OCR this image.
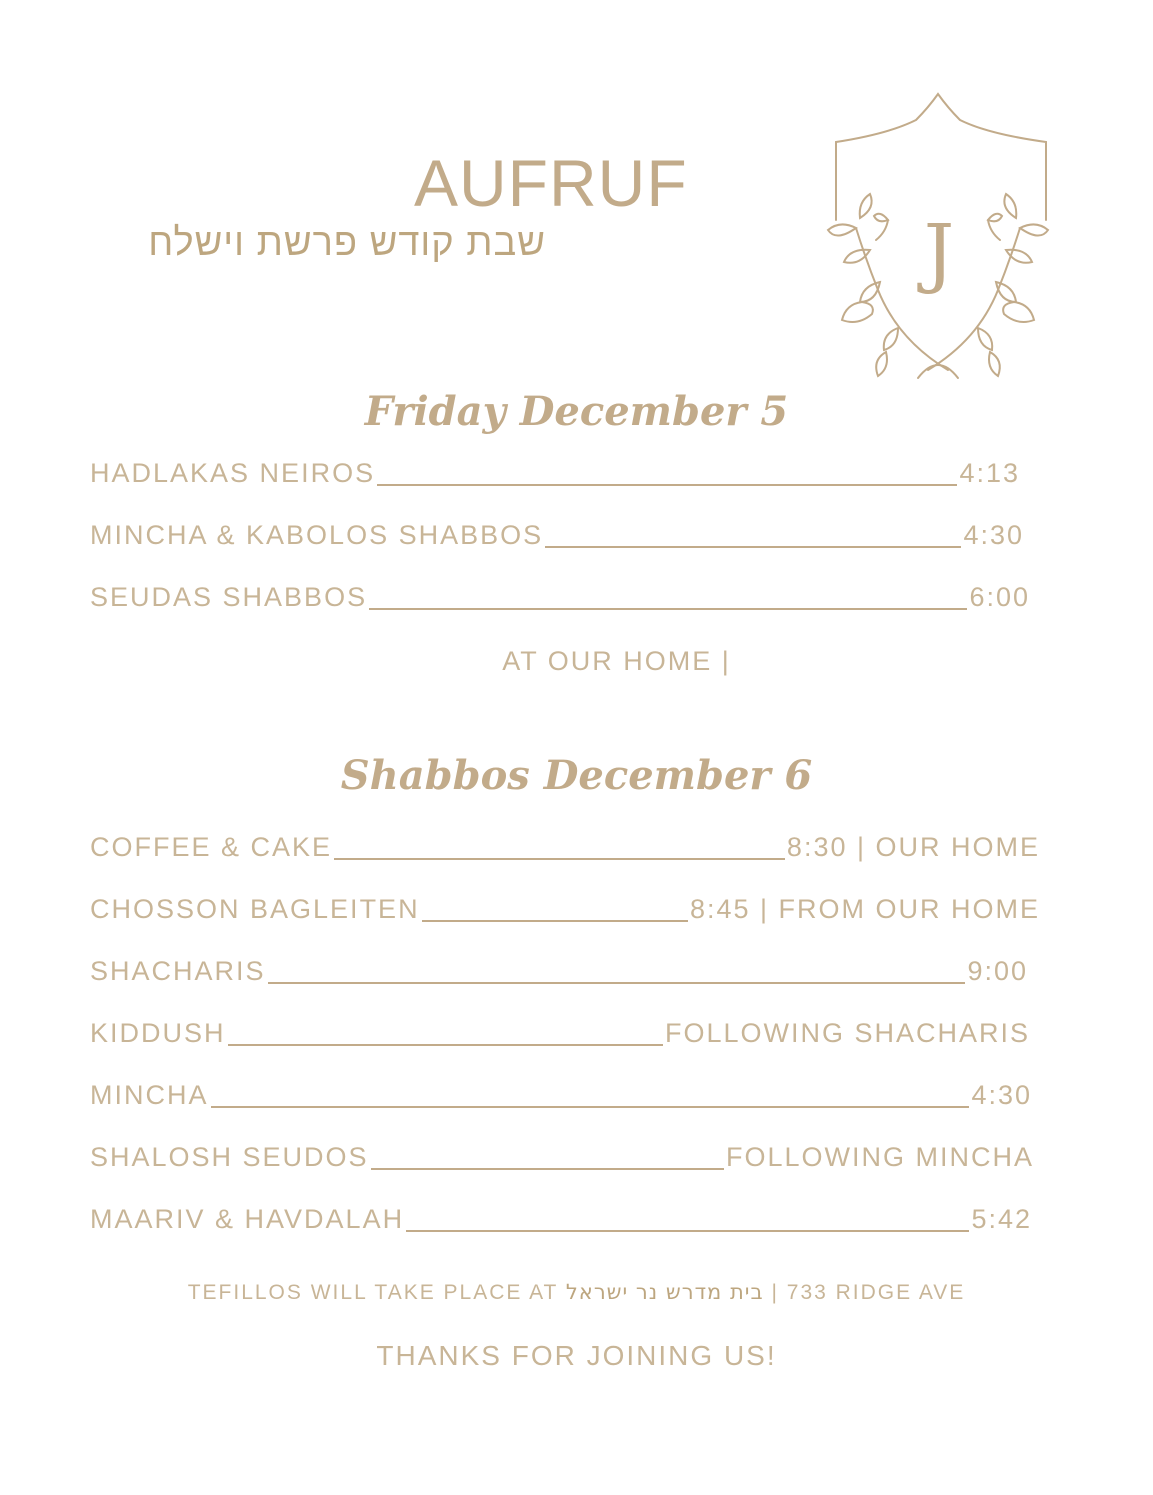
AUFRUF

שבת קודש פרשת וישלח	J
Friday December 5
HADLAKAS NEIROS	4:13
MINCHA & KABOLOS SHABBOS	4:30
SEUDAS SHABBOS	6:00

AT OUR HOME |

Shabbos December 6
COFFEE & CAKE	8:30 | OUR HOME
CHOSSON BAGLEITEN	8:45 | FROM OUR HOME
SHACHARIS	9:00
KIDDUSH	FOLLOWING SHACHARIS
MINCHA	4:30
SHALOSH SEUDOS	FOLLOWING MINCHA
MAARIV & HAVDALAH	5:42

TEFILLOS WILL TAKE PLACE AT בית מדרש נר ישראל | 733 RIDGE AVE

THANKS FOR JOINING US!
